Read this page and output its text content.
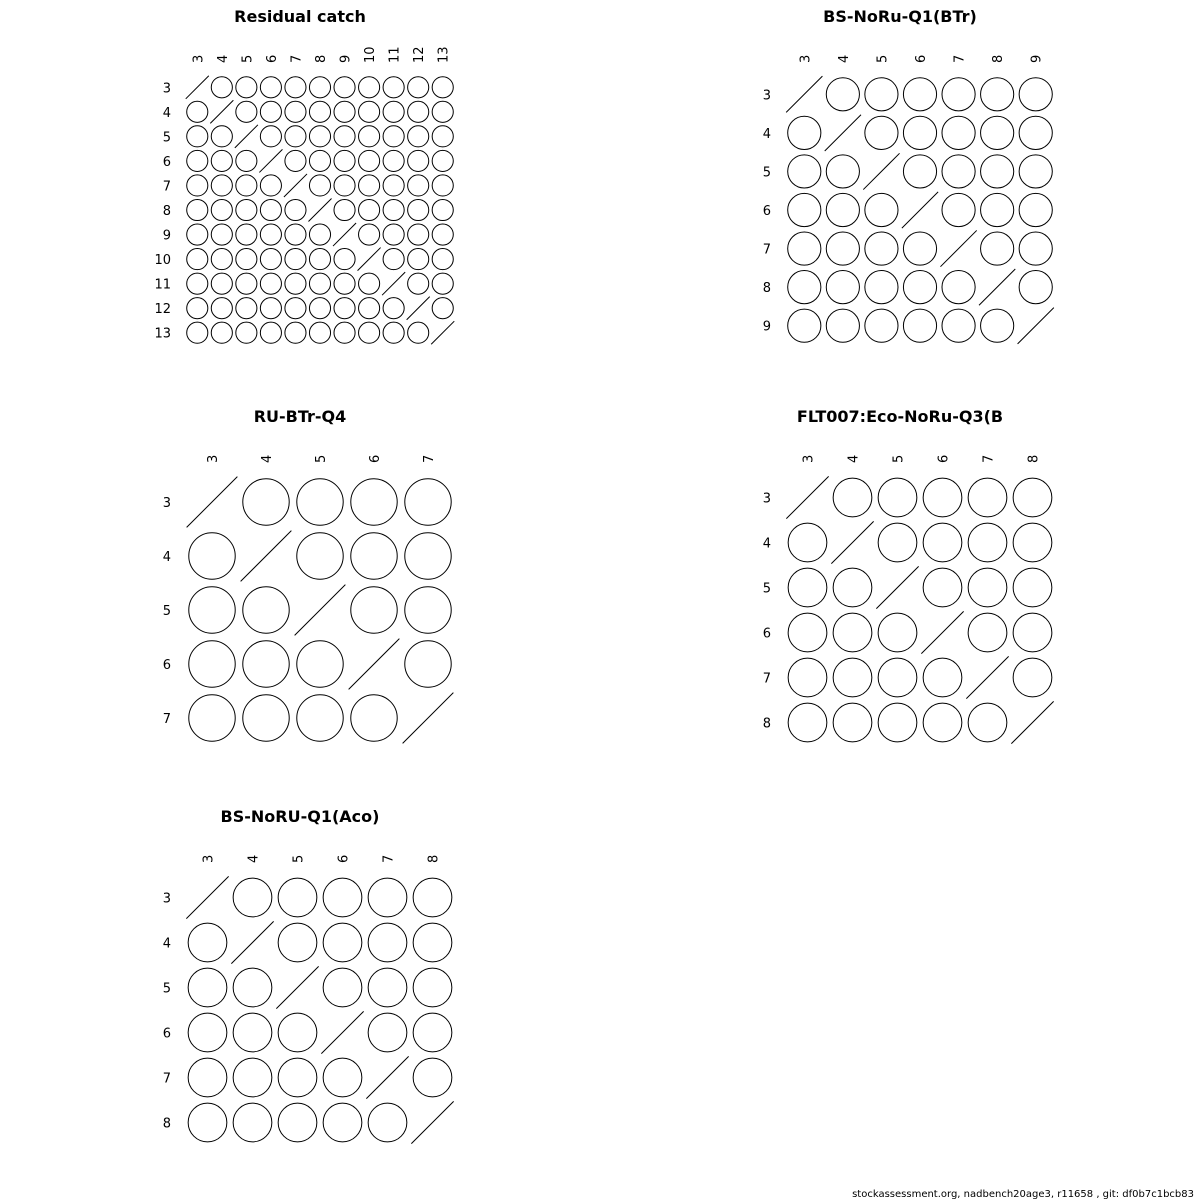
Residual catch
3
3
4
4
5
5
6
6
7
7
8
8
9
9
10
10
11
11
12
12
13
13
BS-NoRu-Q1(BTr)
3
3
4
4
5
5
6
6
7
7
8
8
9
9
RU-BTr-Q4
3
3
4
4
5
5
6
6
7
7
FLT007:Eco-NoRu-Q3(B
3
3
4
4
5
5
6
6
7
7
8
8
BS-NoRU-Q1(Aco)
3
3
4
4
5
5
6
6
7
7
8
8
stockassessment.org, nadbench20age3, r11658 , git: df0b7c1bcb83
